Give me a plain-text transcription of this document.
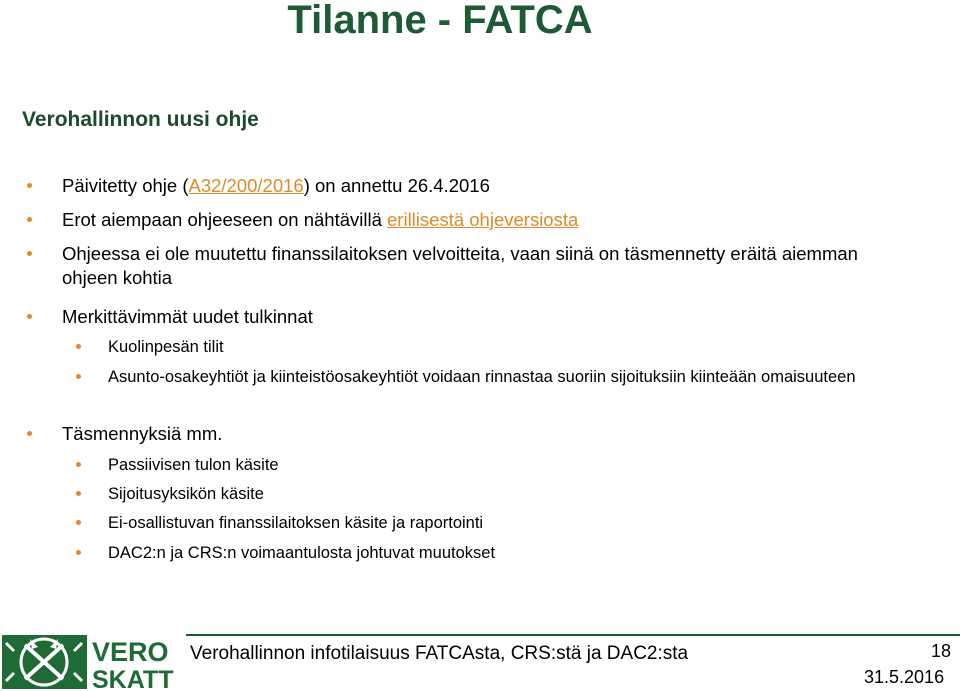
Tilanne - FATCA
Verohallinnon uusi ohje
Päivitetty ohje (A32/200/2016) on annettu 26.4.2016
Erot aiempaan ohjeeseen on nähtävillä erillisestä ohjeversiosta
Ohjeessa ei ole muutettu finanssilaitoksen velvoitteita, vaan siinä on täsmennetty eräitä aiemman ohjeen kohtia
Merkittävimmät uudet tulkinnat
Kuolinpesän tilit
Asunto-osakeyhtiöt ja kiinteistöosakeyhtiöt voidaan rinnastaa suoriin sijoituksiin kiinteään omaisuuteen
Täsmennyksiä mm.
Passiivisen tulon käsite
Sijoitusyksikön käsite
Ei-osallistuvan finanssilaitoksen käsite ja raportointi
DAC2:n ja CRS:n voimaantulosta johtuvat muutokset
VERO
SKATT
Verohallinnon infotilaisuus FATCAsta, CRS:stä ja DAC2:sta	18
31.5.2016
